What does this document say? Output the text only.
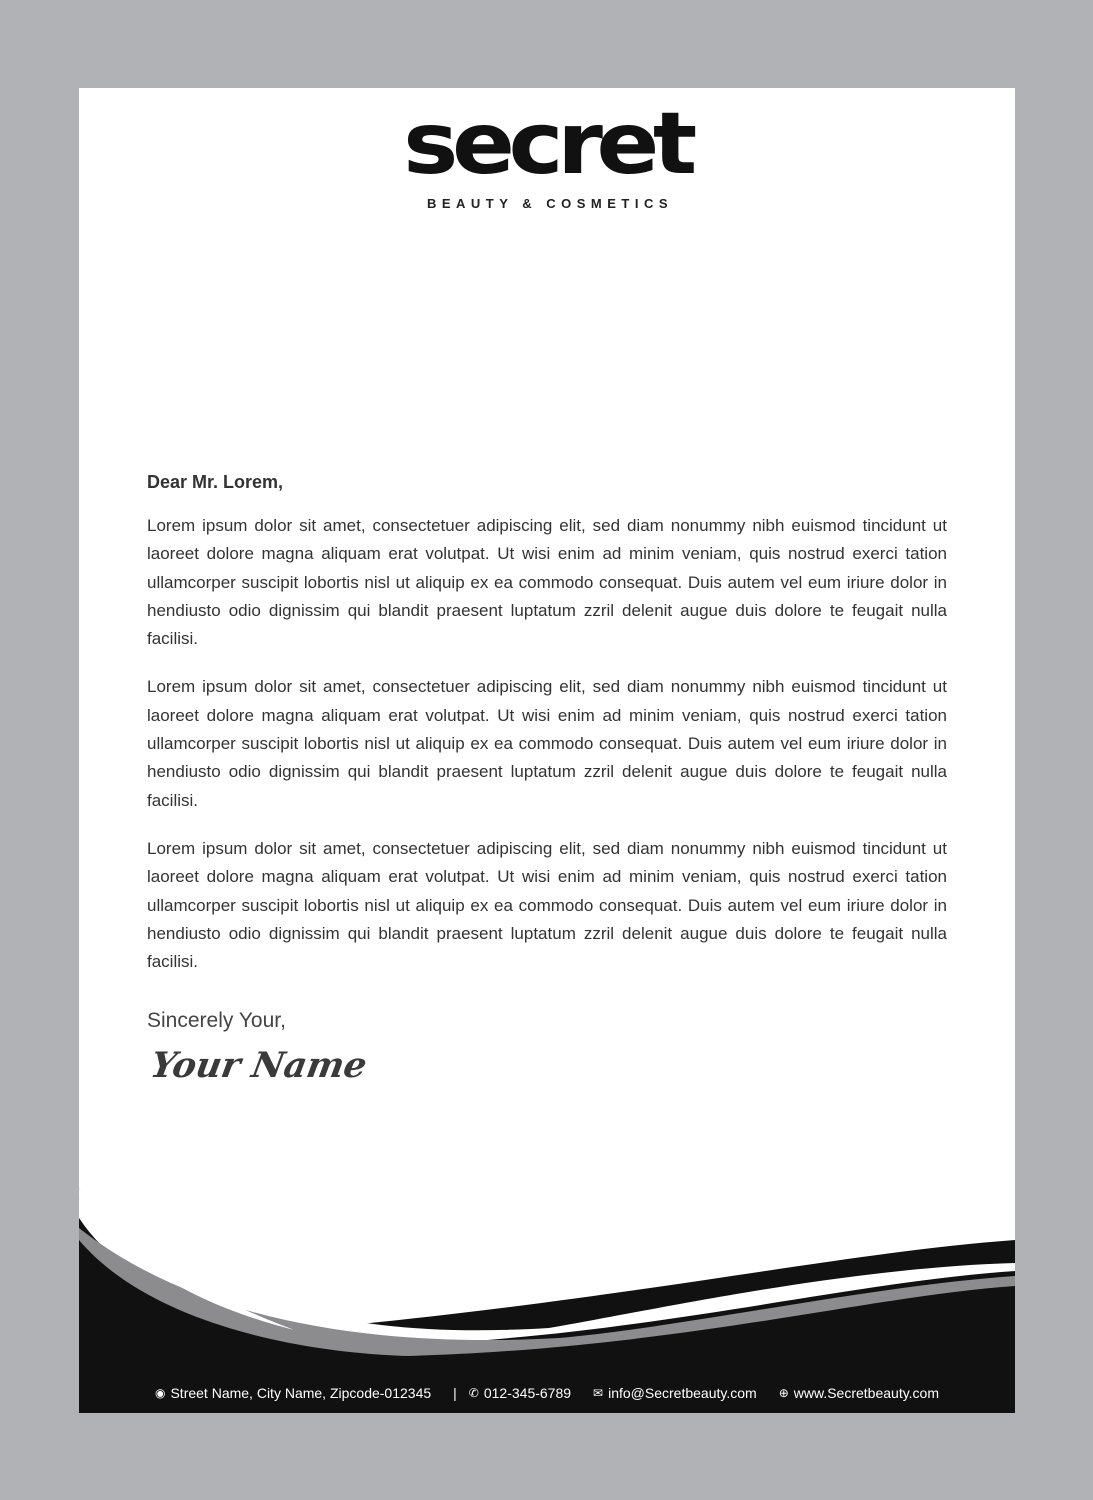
secret
BEAUTY & COSMETICS

Dear Mr. Lorem,

Lorem ipsum dolor sit amet, consectetuer adipiscing elit, sed diam nonummy nibh euismod tincidunt ut laoreet dolore magna aliquam erat volutpat. Ut wisi enim ad minim veniam, quis nostrud exerci tation ullamcorper suscipit lobortis nisl ut aliquip ex ea commodo consequat. Duis autem vel eum iriure dolor in hendiusto odio dignissim qui blandit praesent luptatum zzril delenit augue duis dolore te feugait nulla facilisi.

Lorem ipsum dolor sit amet, consectetuer adipiscing elit, sed diam nonummy nibh euismod tincidunt ut laoreet dolore magna aliquam erat volutpat. Ut wisi enim ad minim veniam, quis nostrud exerci tation ullamcorper suscipit lobortis nisl ut aliquip ex ea commodo consequat. Duis autem vel eum iriure dolor in hendiusto odio dignissim qui blandit praesent luptatum zzril delenit augue duis dolore te feugait nulla facilisi.

Lorem ipsum dolor sit amet, consectetuer adipiscing elit, sed diam nonummy nibh euismod tincidunt ut laoreet dolore magna aliquam erat volutpat. Ut wisi enim ad minim veniam, quis nostrud exerci tation ullamcorper suscipit lobortis nisl ut aliquip ex ea commodo consequat. Duis autem vel eum iriure dolor in hendiusto odio dignissim qui blandit praesent luptatum zzril delenit augue duis dolore te feugait nulla facilisi.

Sincerely Your,

Your Name

◉ Street Name, City Name, Zipcode-012345 | ✆ 012-345-6789 ✉ info@Secretbeauty.com ⊕ www.Secretbeauty.com
